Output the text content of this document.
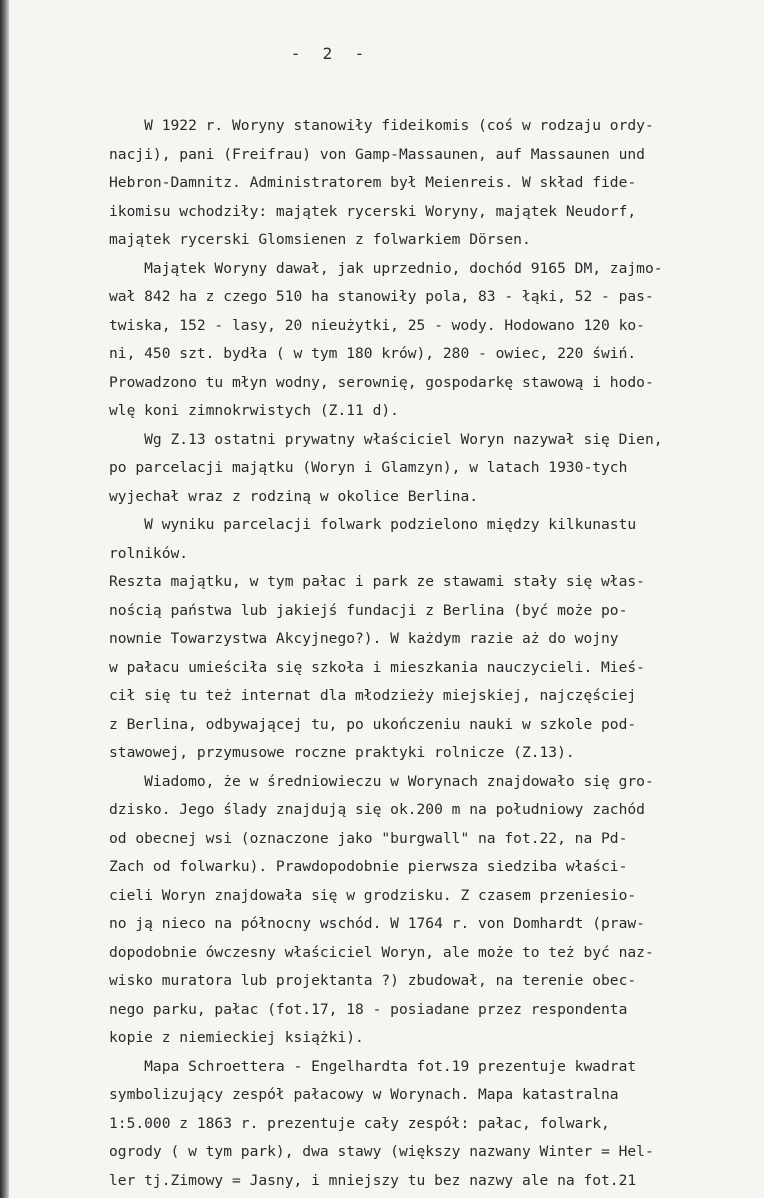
-  2  -
W 1922 r. Woryny stanowiły fideikomis (coś w rodzaju ordy-
nacji), pani (Freifrau) von Gamp-Massaunen, auf Massaunen und
Hebron-Damnitz. Administratorem był Meienreis. W skład fide-
ikomisu wchodziły: majątek rycerski Woryny, majątek Neudorf,
majątek rycerski Glomsienen z folwarkiem Dörsen.
Majątek Woryny dawał, jak uprzednio, dochód 9165 DM, zajmo-
wał 842 ha z czego 510 ha stanowiły pola, 83 - łąki, 52 - pas-
twiska, 152 - lasy, 20 nieużytki, 25 - wody. Hodowano 120 ko-
ni, 450 szt. bydła ( w tym 180 krów), 280 - owiec, 220 świń.
Prowadzono tu młyn wodny, serownię, gospodarkę stawową i hodo-
wlę koni zimnokrwistych (Z.11 d).
Wg Z.13 ostatni prywatny właściciel Woryn nazywał się Dien,
po parcelacji majątku (Woryn i Glamzyn), w latach 1930-tych
wyjechał wraz z rodziną w okolice Berlina.
W wyniku parcelacji folwark podzielono między kilkunastu
rolników.
Reszta majątku, w tym pałac i park ze stawami stały się włas-
nością państwa lub jakiejś fundacji z Berlina (być może po-
nownie Towarzystwa Akcyjnego?). W każdym razie aż do wojny
w pałacu umieściła się szkoła i mieszkania nauczycieli. Mieś-
cił się tu też internat dla młodzieży miejskiej, najczęściej
z Berlina, odbywającej tu, po ukończeniu nauki w szkole pod-
stawowej, przymusowe roczne praktyki rolnicze (Z.13).
Wiadomo, że w średniowieczu w Worynach znajdowało się gro-
dzisko. Jego ślady znajdują się ok.200 m na południowy zachód
od obecnej wsi (oznaczone jako "burgwall" na fot.22, na Pd-
Zach od folwarku). Prawdopodobnie pierwsza siedziba właści-
cieli Woryn znajdowała się w grodzisku. Z czasem przeniesio-
no ją nieco na północny wschód. W 1764 r. von Domhardt (praw-
dopodobnie ówczesny właściciel Woryn, ale może to też być naz-
wisko muratora lub projektanta ?) zbudował, na terenie obec-
nego parku, pałac (fot.17, 18 - posiadane przez respondenta
kopie z niemieckiej książki).
Mapa Schroettera - Engelhardta fot.19 prezentuje kwadrat
symbolizujący zespół pałacowy w Worynach. Mapa katastralna
1:5.000 z 1863 r. prezentuje cały zespół: pałac, folwark,
ogrody ( w tym park), dwa stawy (większy nazwany Winter = Hel-
ler tj.Zimowy = Jasny, i mniejszy tu bez nazwy ale na fot.21
